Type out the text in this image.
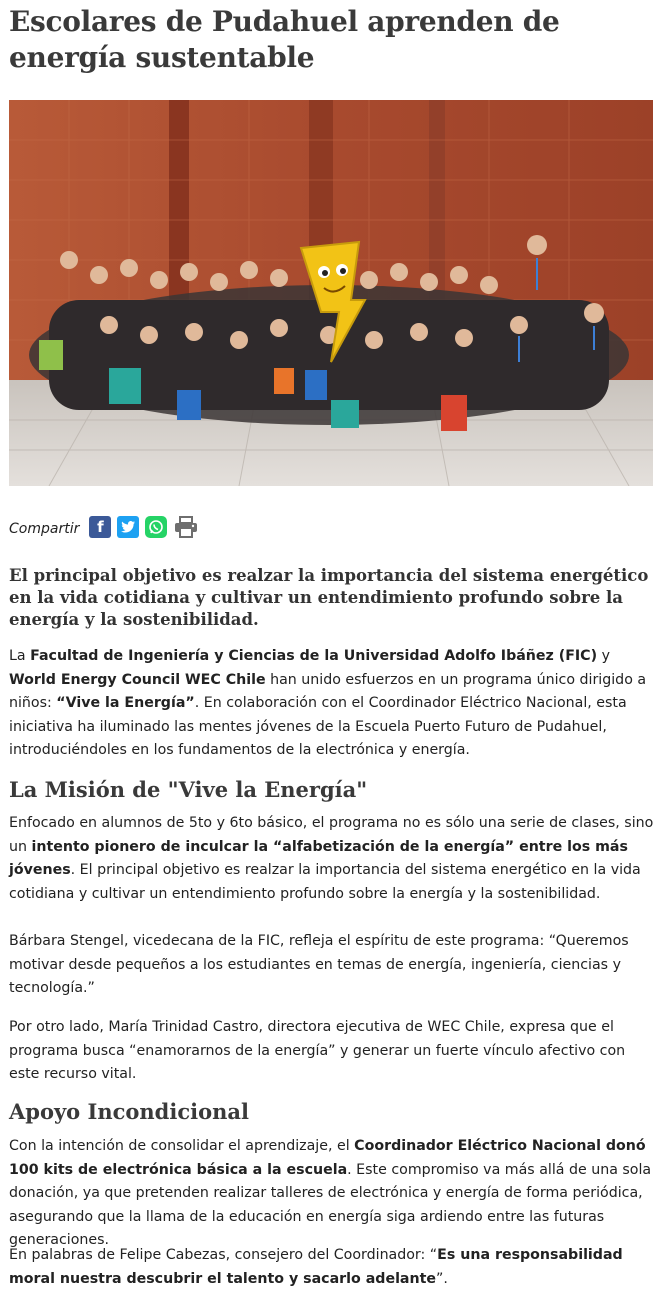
Escolares de Pudahuel aprenden de energía sustentable
Compartir	f

El principal objetivo es realzar la importancia del sistema energético en la vida cotidiana y cultivar un entendimiento profundo sobre la energía y la sostenibilidad.

La Facultad de Ingeniería y Ciencias de la Universidad Adolfo Ibáñez (FIC) y World Energy Council WEC Chile han unido esfuerzos en un programa único dirigido a niños: “Vive la Energía”. En colaboración con el Coordinador Eléctrico Nacional, esta iniciativa ha iluminado las mentes jóvenes de la Escuela Puerto Futuro de Pudahuel, introduciéndoles en los fundamentos de la electrónica y energía.

La Misión de "Vive la Energía"

Enfocado en alumnos de 5to y 6to básico, el programa no es sólo una serie de clases, sino un intento pionero de inculcar la “alfabetización de la energía” entre los más jóvenes. El principal objetivo es realzar la importancia del sistema energético en la vida cotidiana y cultivar un entendimiento profundo sobre la energía y la sostenibilidad.

Bárbara Stengel, vicedecana de la FIC, refleja el espíritu de este programa: “Queremos motivar desde pequeños a los estudiantes en temas de energía, ingeniería, ciencias y tecnología.”

Por otro lado, María Trinidad Castro, directora ejecutiva de WEC Chile, expresa que el programa busca “enamorarnos de la energía” y generar un fuerte vínculo afectivo con este recurso vital.

Apoyo Incondicional

Con la intención de consolidar el aprendizaje, el Coordinador Eléctrico Nacional donó 100 kits de electrónica básica a la escuela. Este compromiso va más allá de una sola donación, ya que pretenden realizar talleres de electrónica y energía de forma periódica, asegurando que la llama de la educación en energía siga ardiendo entre las futuras generaciones.

En palabras de Felipe Cabezas, consejero del Coordinador: “Es una responsabilidad moral nuestra descubrir el talento y sacarlo adelante”.
